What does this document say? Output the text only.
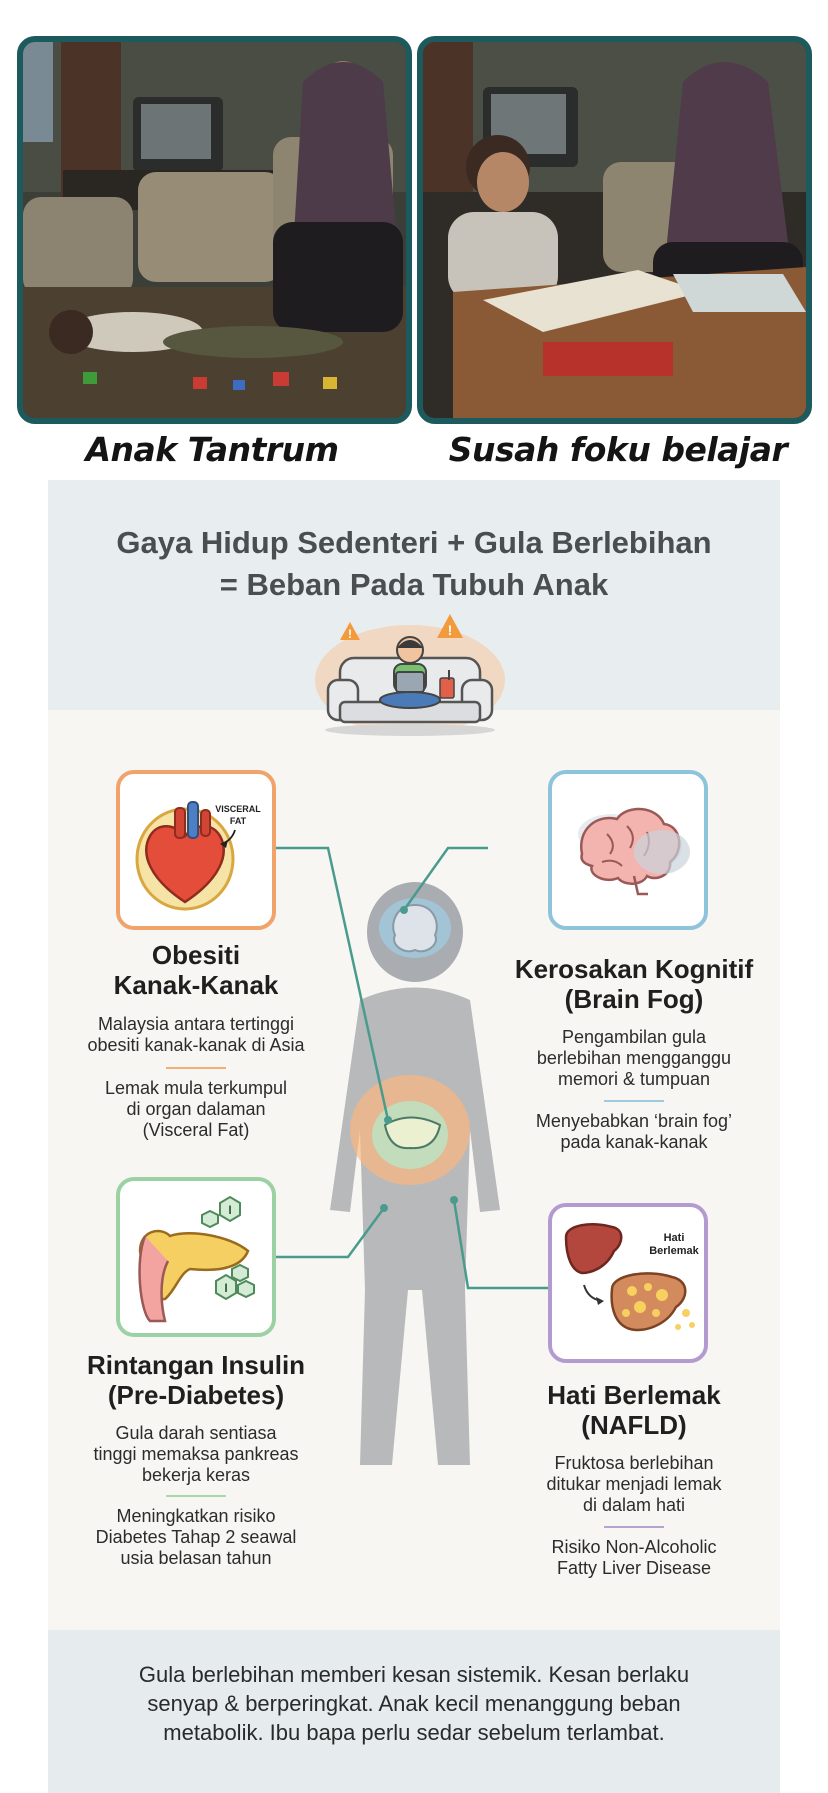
Anak Tantrum	Susah foku belajar
Gaya Hidup Sedenteri + Gula Berlebihan
= Beban Pada Tubuh Anak
!	!
VISCERAL
FAT
Obesiti
Kanak-Kanak
Malaysia antara tertinggi
obesiti kanak-kanak di Asia
Lemak mula terkumpul
di organ dalaman
(Visceral Fat)
Kerosakan Kognitif
(Brain Fog)
Pengambilan gula
berlebihan mengganggu
memori & tumpuan
Menyebabkan ‘brain fog’
pada kanak-kanak
I
I
Rintangan Insulin
(Pre-Diabetes)
Gula darah sentiasa
tinggi memaksa pankreas
bekerja keras
Meningkatkan risiko
Diabetes Tahap 2 seawal
usia belasan tahun
Hati
Berlemak
Hati Berlemak
(NAFLD)
Fruktosa berlebihan
ditukar menjadi lemak
di dalam hati
Risiko Non-Alcoholic
Fatty Liver Disease
Gula berlebihan memberi kesan sistemik. Kesan berlaku
senyap & berperingkat. Anak kecil menanggung beban
metabolik. Ibu bapa perlu sedar sebelum terlambat.
